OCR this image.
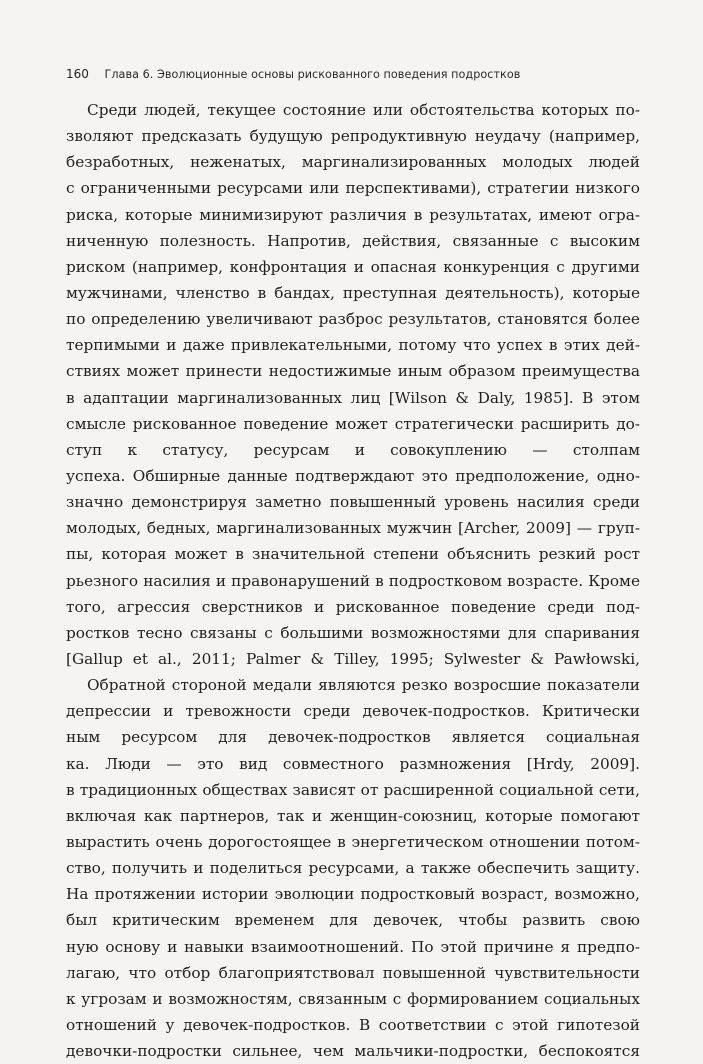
160 Глава 6. Эволюционные основы рискованного поведения подростков
Среди людей, текущее состояние или обстоятельства которых по-
зволяют предсказать будущую репродуктивную неудачу (например,
безработных, неженатых, маргинализированных молодых людей
с ограниченными ресурсами или перспективами), стратегии низкого
риска, которые минимизируют различия в результатах, имеют огра-
ниченную полезность. Напротив, действия, связанные с высоким
риском (например, конфронтация и опасная конкуренция с другими
мужчинами, членство в бандах, преступная деятельность), которые
по определению увеличивают разброс результатов, становятся более
терпимыми и даже привлекательными, потому что успех в этих дей-
ствиях может принести недостижимые иным образом преимущества
в адаптации маргинализованных лиц [Wilson & Daly, 1985]. В этом
смысле рискованное поведение может стратегически расширить до-
ступ к статусу, ресурсам и совокуплению — столпам
успеха. Обширные данные подтверждают это предположение, одно-
значно демонстрируя заметно повышенный уровень насилия среди
молодых, бедных, маргинализованных мужчин [Archer, 2009] — груп-
пы, которая может в значительной степени объяснить резкий рост
рьезного насилия и правонарушений в подростковом возрасте. Кроме
того, агрессия сверстников и рискованное поведение среди под-
ростков тесно связаны с большими возможностями для спаривания
[Gallup et al., 2011; Palmer & Tilley, 1995; Sylwester & Pawłowski,
Обратной стороной медали являются резко возросшие показатели
депрессии и тревожности среди девочек-подростков. Критически
ным ресурсом для девочек-подростков является социальная
ка. Люди — это вид совместного размножения [Hrdy, 2009].
в традиционных обществах зависят от расширенной социальной сети,
включая как партнеров, так и женщин-союзниц, которые помогают
вырастить очень дорогостоящее в энергетическом отношении потом-
ство, получить и поделиться ресурсами, а также обеспечить защиту.
На протяжении истории эволюции подростковый возраст, возможно,
был критическим временем для девочек, чтобы развить свою
ную основу и навыки взаимоотношений. По этой причине я предпо-
лагаю, что отбор благоприятствовал повышенной чувствительности
к угрозам и возможностям, связанным с формированием социальных
отношений у девочек-подростков. В соответствии с этой гипотезой
девочки-подростки сильнее, чем мальчики-подростки, беспокоятся
